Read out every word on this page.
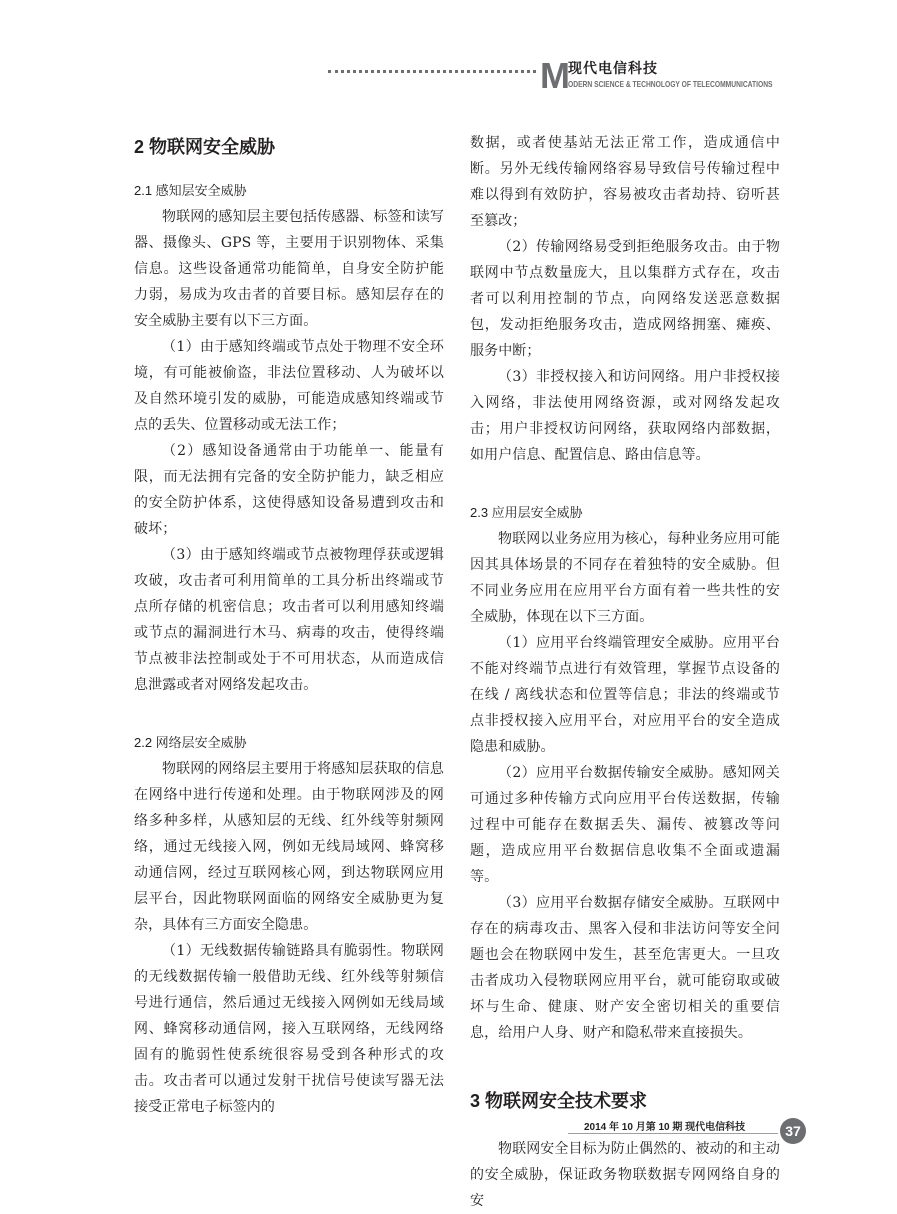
M
现代电信科技
ODERN SCIENCE & TECHNOLOGY OF TELECOMMUNICATIONS
2 物联网安全威胁
2.1 感知层安全威胁

物联网的感知层主要包括传感器、标签和读写器、摄像头、GPS 等，主要用于识别物体、采集信息。这些设备通常功能简单，自身安全防护能力弱，易成为攻击者的首要目标。感知层存在的安全威胁主要有以下三方面。

（1）由于感知终端或节点处于物理不安全环境，有可能被偷盗，非法位置移动、人为破坏以及自然环境引发的威胁，可能造成感知终端或节点的丢失、位置移动或无法工作；

（2）感知设备通常由于功能单一、能量有限，而无法拥有完备的安全防护能力，缺乏相应的安全防护体系，这使得感知设备易遭到攻击和破坏；

（3）由于感知终端或节点被物理俘获或逻辑攻破，攻击者可利用简单的工具分析出终端或节点所存储的机密信息；攻击者可以利用感知终端或节点的漏洞进行木马、病毒的攻击，使得终端节点被非法控制或处于不可用状态，从而造成信息泄露或者对网络发起攻击。

2.2 网络层安全威胁

物联网的网络层主要用于将感知层获取的信息在网络中进行传递和处理。由于物联网涉及的网络多种多样，从感知层的无线、红外线等射频网络，通过无线接入网，例如无线局域网、蜂窝移动通信网，经过互联网核心网，到达物联网应用层平台，因此物联网面临的网络安全威胁更为复杂，具体有三方面安全隐患。

（1）无线数据传输链路具有脆弱性。物联网的无线数据传输一般借助无线、红外线等射频信号进行通信，然后通过无线接入网例如无线局域网、蜂窝移动通信网，接入互联网络，无线网络固有的脆弱性使系统很容易受到各种形式的攻击。攻击者可以通过发射干扰信号使读写器无法接受正常电子标签内的

数据，或者使基站无法正常工作，造成通信中断。另外无线传输网络容易导致信号传输过程中难以得到有效防护，容易被攻击者劫持、窃听甚至篡改；

（2）传输网络易受到拒绝服务攻击。由于物联网中节点数量庞大，且以集群方式存在，攻击者可以利用控制的节点，向网络发送恶意数据包，发动拒绝服务攻击，造成网络拥塞、瘫痪、服务中断；

（3）非授权接入和访问网络。用户非授权接入网络，非法使用网络资源，或对网络发起攻击；用户非授权访问网络，获取网络内部数据，如用户信息、配置信息、路由信息等。

2.3 应用层安全威胁

物联网以业务应用为核心，每种业务应用可能因其具体场景的不同存在着独特的安全威胁。但不同业务应用在应用平台方面有着一些共性的安全威胁，体现在以下三方面。

（1）应用平台终端管理安全威胁。应用平台不能对终端节点进行有效管理，掌握节点设备的在线 / 离线状态和位置等信息；非法的终端或节点非授权接入应用平台，对应用平台的安全造成隐患和威胁。

（2）应用平台数据传输安全威胁。感知网关可通过多种传输方式向应用平台传送数据，传输过程中可能存在数据丢失、漏传、被篡改等问题，造成应用平台数据信息收集不全面或遗漏等。

（3）应用平台数据存储安全威胁。互联网中存在的病毒攻击、黑客入侵和非法访问等安全问题也会在物联网中发生，甚至危害更大。一旦攻击者成功入侵物联网应用平台，就可能窃取或破坏与生命、健康、财产安全密切相关的重要信息，给用户人身、财产和隐私带来直接损失。

3 物联网安全技术要求

物联网安全目标为防止偶然的、被动的和主动的安全威胁，保证政务物联数据专网网络自身的安

2014 年 10 月第 10 期 现代电信科技	37
